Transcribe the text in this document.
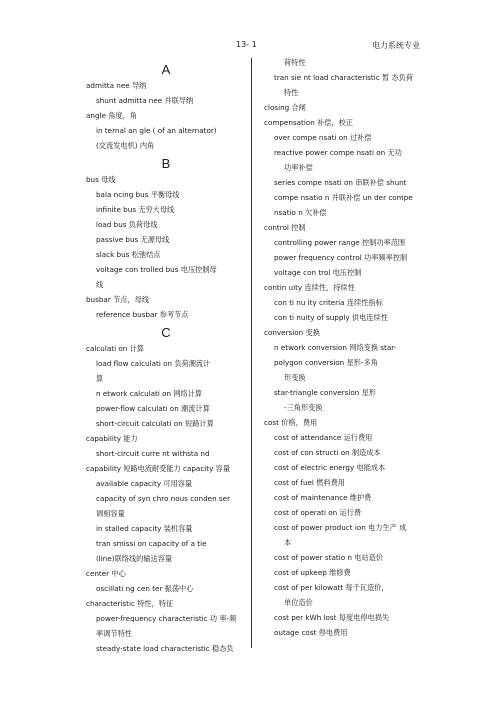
13- 1	电力系统专业
A
admitta nee 导纳
shunt admitta nee 并联导纳
angle 角度，角
in ternal an gle ( of an alternator)
(交流发电机) 内角
B
bus 母线
bala ncing bus 平衡母线
infinite bus 无穷大母线
load bus 负荷母线
passive bus 无源母线
slack bus 松弛结点
voltage con trolled bus 电压控制母
线
busbar 节点，母线
reference busbar 参考节点
C
calculati on 计算
load flow calculati on 负荷潮流计
算
n etwork calculati on 网络计算
power-flow calculati on 潮流计算
short-circuit calculati on 短路计算
capability 能力
short-circuit curre nt withsta nd
capability 短路电流耐受能力 capacity 容量
available capacity 可用容量
capacity of syn chro nous conden ser
调相容量
in stalled capacity 装机容量
tran smissi on capacity of a tie
(line)联络线的输送容量
center 中心
oscillati ng cen ter 振荡中心
characteristic 特性，特征
power-frequency characteristic 功 率-频
率调节特性
steady-state load characteristic 稳态负
荷特性
tran sie nt load characteristic 暂 态负荷
特性
closing 合闸
compensation 补偿，校正
over compe nsati on 过补偿
reactive power compe nsati on 无功
功率补偿
series compe nsati on 串联补偿 shunt
compe nsatio n 并联补偿 un der compe
nsatio n 欠补偿
control 控制
controlling power range 控制功率范围
power frequency control 功率频率控制
voltage con trol 电压控制
contin uity 连续性，持续性
con ti nu ity criteria 连续性指标
con ti nuity of supply 供电连续性
conversion 变换
n etwork conversion 网络变换 star-
polygon conversion 星形-多角
形变换
star-triangle conversion 星形
-三角形变换
cost 价格，费用
cost of attendance 运行费用
cost of con structi on 制造成本
cost of electric energy 电能成本
cost of fuel 燃料费用
cost of maintenance 维护费
cost of operati on 运行费
cost of power product ion 电力生产 成
本
cost of power statio n 电站造价
cost of upkeep 维修费
cost of per kilowatt 每千瓦造价，
单位造价
cost per kWh lost 每度电停电损失
outage cost 停电费用
